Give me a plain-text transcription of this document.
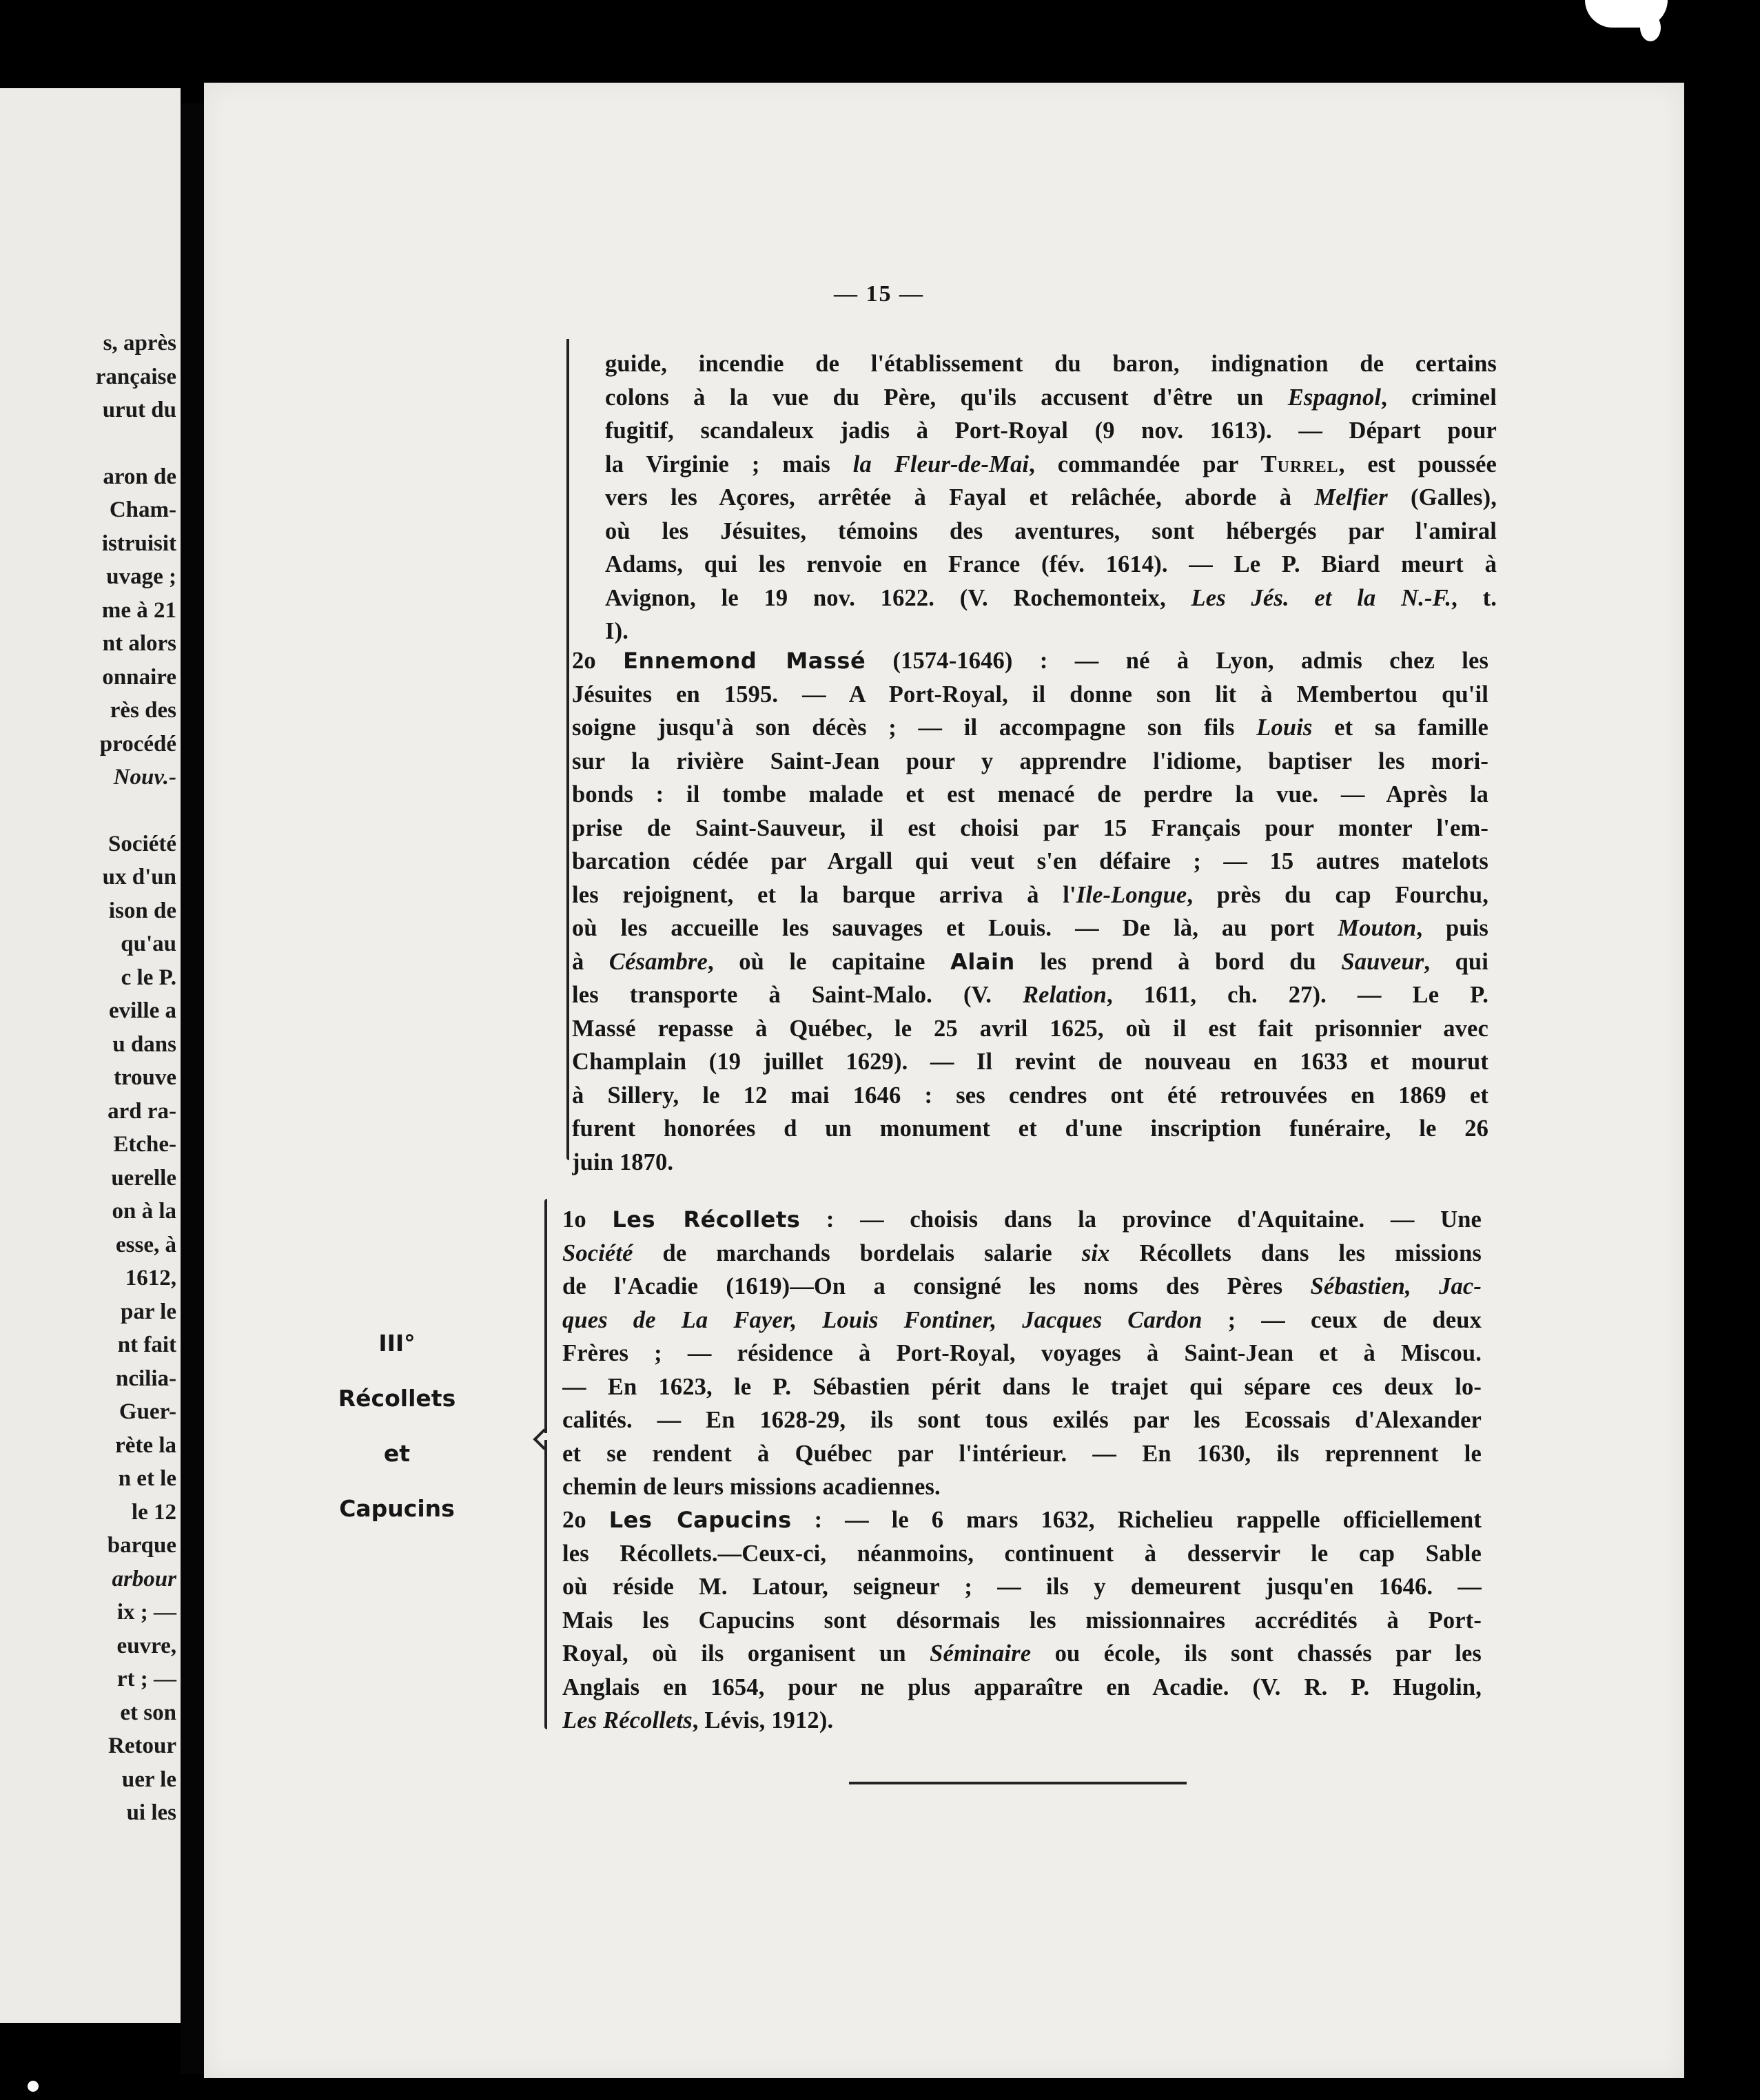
s, après
rançaise
urut du
aron de
Cham-
istruisit
uvage ;
me à 21
nt alors
onnaire
rès des
procédé
Nouv.-
Société
ux d'un
ison de
qu'au
c le P.
eville a
u dans
trouve
ard ra-
Etche-
uerelle
on à la
esse, à
1612,
par le
nt fait
ncilia-
Guer-
rète la
n et le
le 12
barque
arbour
ix ; —
euvre,
rt ; —
et son
Retour
uer le
ui les
— 15 —
guide, incendie de l'établissement du baron, indignation de certains
colons à la vue du Père, qu'ils accusent d'être un Espagnol, criminel
fugitif, scandaleux jadis à Port-Royal (9 nov. 1613). — Départ pour
la Virginie ; mais la Fleur-de-Mai, commandée par Turrel, est poussée
vers les Açores, arrêtée à Fayal et relâchée, aborde à Melfier (Galles),
où les Jésuites, témoins des aventures, sont hébergés par l'amiral
Adams, qui les renvoie en France (fév. 1614). — Le P. Biard meurt à
Avignon, le 19 nov. 1622. (V. Rochemonteix, Les Jés. et la N.-F., t.
I).
2o Ennemond Massé (1574-1646) : — né à Lyon, admis chez les
Jésuites en 1595. — A Port-Royal, il donne son lit à Membertou qu'il
soigne jusqu'à son décès ; — il accompagne son fils Louis et sa famille
sur la rivière Saint-Jean pour y apprendre l'idiome, baptiser les mori-
bonds : il tombe malade et est menacé de perdre la vue. — Après la
prise de Saint-Sauveur, il est choisi par 15 Français pour monter l'em-
barcation cédée par Argall qui veut s'en défaire ; — 15 autres matelots
les rejoignent, et la barque arriva à l'Ile-Longue, près du cap Fourchu,
où les accueille les sauvages et Louis. — De là, au port Mouton, puis
à Césambre, où le capitaine Alain les prend à bord du Sauveur, qui
les transporte à Saint-Malo. (V. Relation, 1611, ch. 27). — Le P.
Massé repasse à Québec, le 25 avril 1625, où il est fait prisonnier avec
Champlain (19 juillet 1629). — Il revint de nouveau en 1633 et mourut
à Sillery, le 12 mai 1646 : ses cendres ont été retrouvées en 1869 et
furent honorées d un monument et d'une inscription funéraire, le 26
juin 1870.
1o Les Récollets : — choisis dans la province d'Aquitaine. — Une
Société de marchands bordelais salarie six Récollets dans les missions
de l'Acadie (1619)—On a consigné les noms des Pères Sébastien, Jac-
ques de La Fayer, Louis Fontiner, Jacques Cardon ; — ceux de deux
Frères ; — résidence à Port-Royal, voyages à Saint-Jean et à Miscou.
— En 1623, le P. Sébastien périt dans le trajet qui sépare ces deux lo-
calités. — En 1628-29, ils sont tous exilés par les Ecossais d'Alexander
et se rendent à Québec par l'intérieur. — En 1630, ils reprennent le
chemin de leurs missions acadiennes.
2o Les Capucins : — le 6 mars 1632, Richelieu rappelle officiellement
les Récollets.—Ceux-ci, néanmoins, continuent à desservir le cap Sable
où réside M. Latour, seigneur ; — ils y demeurent jusqu'en 1646. —
Mais les Capucins sont désormais les missionnaires accrédités à Port-
Royal, où ils organisent un Séminaire ou école, ils sont chassés par les
Anglais en 1654, pour ne plus apparaître en Acadie. (V. R. P. Hugolin,
Les Récollets, Lévis, 1912).
III°
Récollets
et
Capucins
